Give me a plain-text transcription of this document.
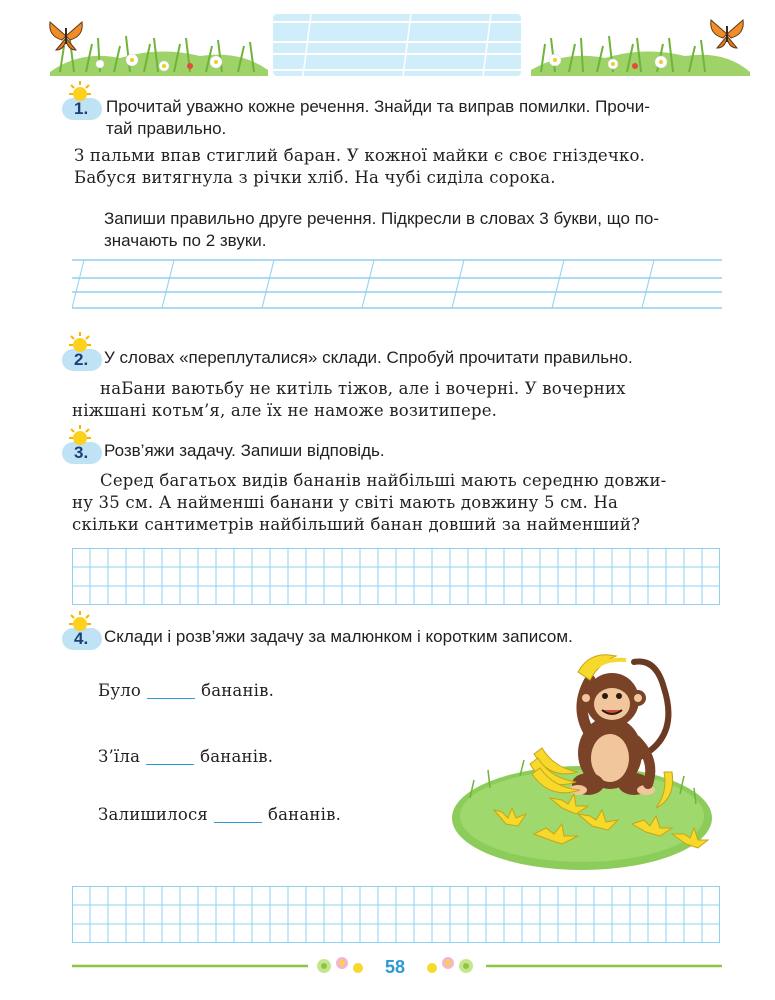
1. Прочитай уважно кожне речення. Знайди та виправ помилки. Прочи-
тай правильно.
З пальми впав стиглий баран. У кожної майки є своє гніздечко.
Бабуся витягнула з річки хліб. На чубі сиділа сорока.
Запиши правильно друге речення. Підкресли в словах 3 букви, що по-
значають по 2 звуки.
2. У словах «переплуталися» склади. Спробуй прочитати правильно.
наБани ваютьбу не китіль тіжов, але і вочерні. У вочерних
ніжшані котьм’я, але їх не наможе возитипере.
3. Розв’яжи задачу. Запиши відповідь.
Серед багатьох видів бананів найбільші мають середню довжи-
ну 35 см. А найменші банани у світі мають довжину 5 см. На
скільки сантиметрів найбільший банан довший за найменший?
4. Склади і розв’яжи задачу за малюнком і коротким записом.
Було	бананів.
З’їла	бананів.
Залишилося	бананів.
58
